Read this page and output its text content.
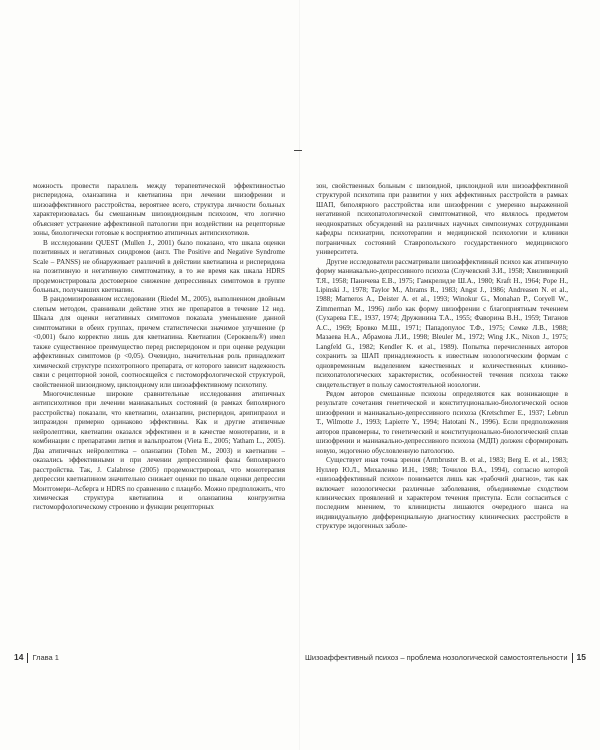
можность провести параллель между терапевтической эффективностью рисперидона, оланзапина и кветиапина при лечении шизофрении и шизоаффективного расстройства, вероятнее всего, структура личности больных характеризовалась бы смешанным шизоидиоидным психозом, что логично объясняет устранение аффективной патологии при воздействии на рецепторные зоны, биологически готовые к восприятию атипичных антипсихотиков.

В исследовании QUEST (Mullen J., 2001) было показано, что шкала оценки позитивных и негативных синдромов (англ. The Positive and Negative Syndrome Scale – PANSS) не обнаруживает различий в действии кветиапина и рисперидона на позитивную и негативную симптоматику, в то же время как шкала HDRS продемонстрировала достоверное снижение депрессивных симптомов в группе больных, получавших кветиапин.

В рандомизированном исследовании (Riedel M., 2005), выполненном двойным слепым методом, сравнивали действие этих же препаратов в течение 12 нед. Шкала для оценки негативных симптомов показала уменьшение данной симптоматики в обеих группах, причем статистически значимое улучшение (p <0,001) было корректно лишь для кветиапина. Кветиапин (Сероквель®) имел также существенное преимущество перед рисперидоном и при оценке редукции аффективных симптомов (p <0,05). Очевидно, значительная роль принадлежит химической структуре психотропного препарата, от которого зависит надежность связи с рецепторной зоной, соотносящейся с гистоморфологической структурой, свойственной шизоидному, циклоидному или шизоаффективному психотипу.

Многочисленные широкие сравнительные исследования атипичных антипсихотиков при лечении маниакальных состояний (в рамках биполярного расстройства) показали, что кветиапин, оланзапин, рисперидон, арипипразол и зипразидон примерно одинаково эффективны. Как и другие атипичные нейролептики, кветиапин оказался эффективен и в качестве монотерапии, и в комбинации с препаратами лития и вальпроатом (Vieta E., 2005; Yatham L., 2005). Два атипичных нейролептика – оланзапин (Tohen M., 2003) и кветиапин – оказались эффективными и при лечении депрессивной фазы биполярного расстройства. Так, J. Calabrese (2005) продемонстрировал, что монотерапия депрессии кветиапином значительно снижает оценки по шкале оценки депрессии Монтгомери–Асберга и HDRS по сравнению с плацебо. Можно предположить, что химическая структура кветиапина и оланзапина конгруэнтна гистоморфологическому строению и функции рецепторных

зон, свойственных больным с шизоидной, циклоидной или шизоаффективной структурой психотипа при развитии у них аффективных расстройств в рамках ШАП, биполярного расстройства или шизофрении с умеренно выраженной негативной психопатологической симптоматикой, что являлось предметом неоднократных обсуждений на различных научных симпозиумах сотрудниками кафедры психиатрии, психотерапии и медицинской психологии и клиники пограничных состояний Ставропольского государственного медицинского университета.

Другие исследователи рассматривали шизоаффективный психоз как атипичную форму маниакально-депрессивного психоза (Случевский З.И., 1958; Хвиливицкий Т.Я., 1958; Паничева Е.В., 1975; Гамкрелидзе Ш.А., 1980; Kraft H., 1964; Pope H., Lipinski J., 1978; Taylor M., Abrams R., 1983; Angst J., 1986; Andreasen N. et al., 1988; Marneros A., Deister A. et al., 1993; Winokur G., Monahan P., Coryell W., Zimmerman M., 1996) либо как форму шизофрении с благоприятным течением (Сухарева Г.Е., 1937, 1974; Дружинина Т.А., 1955; Фаворина В.Н., 1959; Тиганов А.С., 1969; Бровко М.Ш., 1971; Пападопулос Т.Ф., 1975; Семке Л.В., 1988; Мазаева Н.А., Абрамова Л.И., 1998; Bleuler M., 1972; Wing J.K., Nixon J., 1975; Langfeld G., 1982; Kendler K. et al., 1989). Попытка перечисленных авторов сохранить за ШАП принадлежность к известным нозологическим формам с одновременным выделением качественных и количественных клинико-психопатологических характеристик, особенностей течения психоза также свидетельствует в пользу самостоятельной нозологии.

Рядом авторов смешанные психозы определяются как возникающие в результате сочетания генетической и конституционально-биологической основ шизофрении и маниакально-депрессивного психоза (Kretschmer E., 1937; Lebrun T., Wilmotte J., 1993; Lapierre Y., 1994; Hatotani N., 1996). Если предположения авторов правомерны, то генетический и конституционально-биологический сплав шизофрении и маниакально-депрессивного психоза (МДП) должен сформировать новую, эндогенно обусловленную патологию.

Существует иная точка зрения (Armbruster B. et al., 1983; Berg E. et al., 1983; Нуллер Ю.Л., Михаленко И.Н., 1988; Точилов В.А., 1994), согласно которой «шизоаффективный психоз» понимается лишь как «рабочий диагноз», так как включает нозологически различные заболевания, объединяемые сходством клинических проявлений и характером течения приступа. Если согласиться с последним мнением, то клиницисты лишаются очередного шанса на индивидуальную дифференциальную диагностику клинических расстройств в структуре эндогенных заболе-

14 Глава 1	Шизоаффективный психоз – проблема нозологической самостоятельности 15
